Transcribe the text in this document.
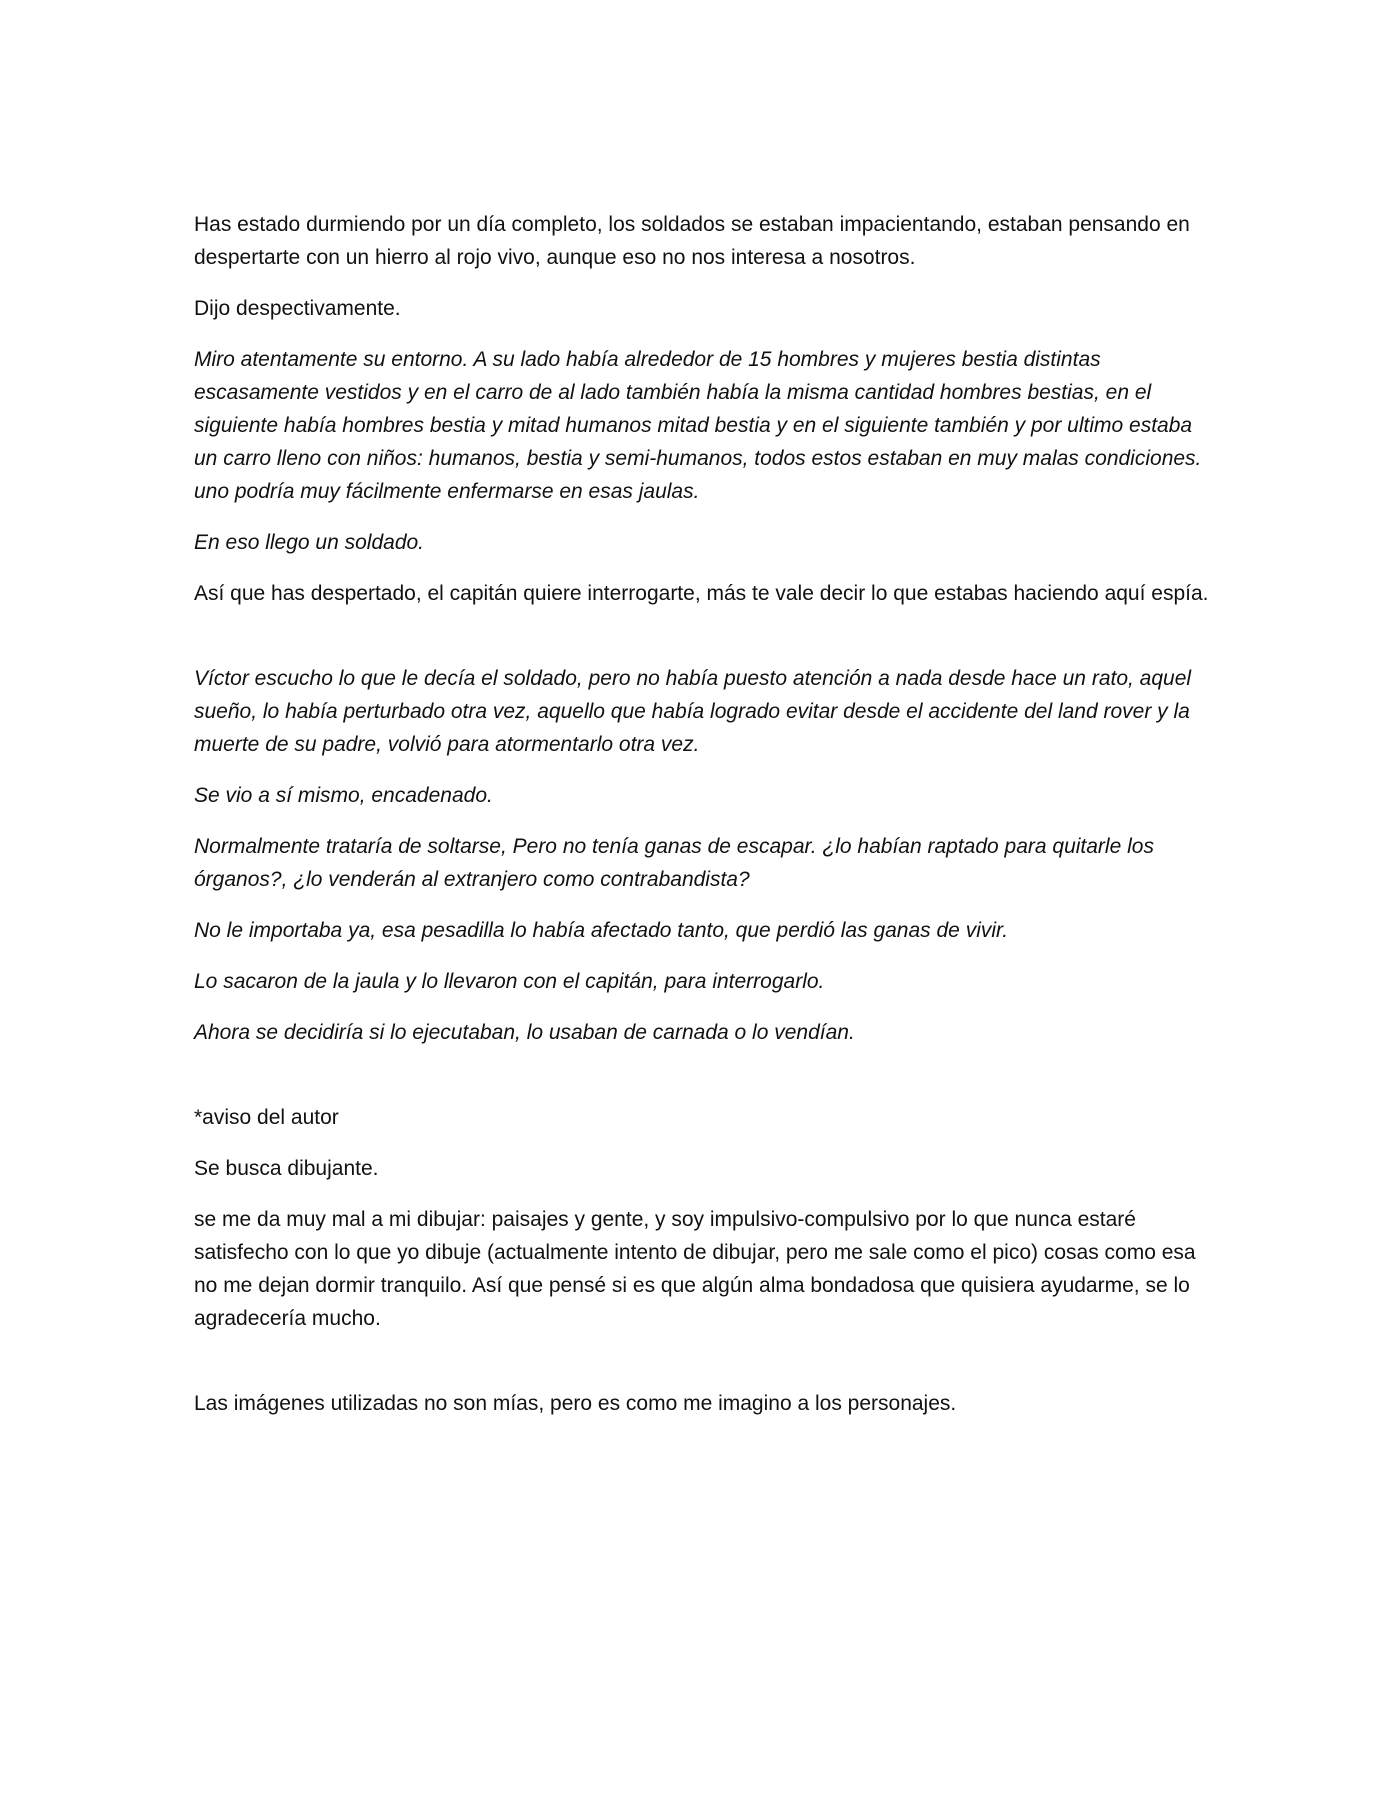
Has estado durmiendo por un día completo, los soldados se estaban impacientando, estaban pensando en despertarte con un hierro al rojo vivo, aunque eso no nos interesa a nosotros.

Dijo despectivamente.

Miro atentamente su entorno. A su lado había alrededor de 15 hombres y mujeres bestia distintas escasamente vestidos y en el carro de al lado también había la misma cantidad hombres bestias, en el siguiente había hombres bestia y mitad humanos mitad bestia y en el siguiente también y por ultimo estaba un carro lleno con niños: humanos, bestia y semi-humanos, todos estos estaban en muy malas condiciones. uno podría muy fácilmente enfermarse en esas jaulas.

En eso llego un soldado.

Así que has despertado, el capitán quiere interrogarte, más te vale decir lo que estabas haciendo aquí espía.

Víctor escucho lo que le decía el soldado, pero no había puesto atención a nada desde hace un rato, aquel sueño, lo había perturbado otra vez, aquello que había logrado evitar desde el accidente del land rover y la muerte de su padre, volvió para atormentarlo otra vez.

Se vio a sí mismo, encadenado.

Normalmente trataría de soltarse, Pero no tenía ganas de escapar. ¿lo habían raptado para quitarle los órganos?, ¿lo venderán al extranjero como contrabandista?

No le importaba ya, esa pesadilla lo había afectado tanto, que perdió las ganas de vivir.

Lo sacaron de la jaula y lo llevaron con el capitán, para interrogarlo.

Ahora se decidiría si lo ejecutaban, lo usaban de carnada o lo vendían.

*aviso del autor

Se busca dibujante.

se me da muy mal a mi dibujar: paisajes y gente, y soy impulsivo-compulsivo por lo que nunca estaré satisfecho con lo que yo dibuje (actualmente intento de dibujar, pero me sale como el pico) cosas como esa no me dejan dormir tranquilo. Así que pensé si es que algún alma bondadosa que quisiera ayudarme, se lo agradecería mucho.

Las imágenes utilizadas no son mías, pero es como me imagino a los personajes.
